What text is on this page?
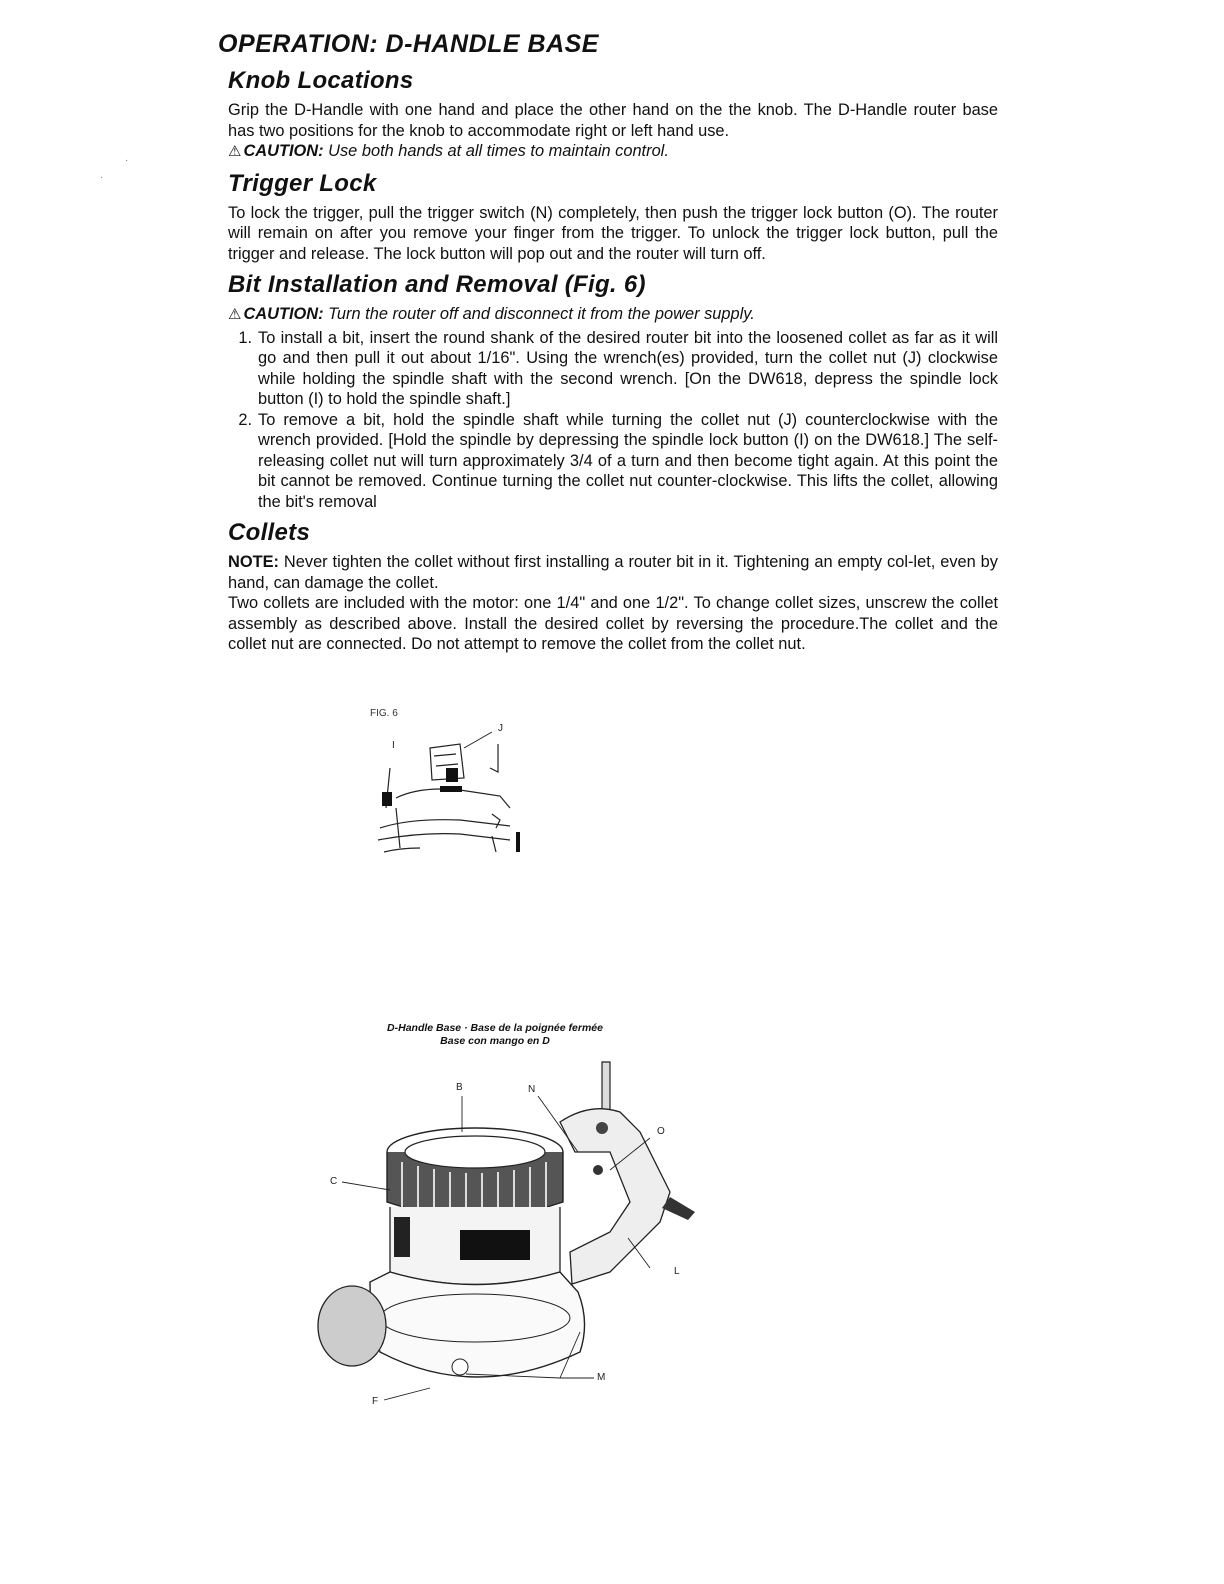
OPERATION: D-HANDLE BASE
Knob Locations

Grip the D-Handle with one hand and place the other hand on the the knob. The D-Handle router base has two positions for the knob to accommodate right or left hand use.

⚠ CAUTION: Use both hands at all times to maintain control.

Trigger Lock

To lock the trigger, pull the trigger switch (N) completely, then push the trigger lock button (O). The router will remain on after you remove your finger from the trigger. To unlock the trigger lock button, pull the trigger and release. The lock button will pop out and the router will turn off.

Bit Installation and Removal (Fig. 6)

⚠ CAUTION: Turn the router off and disconnect it from the power supply.

1. To install a bit, insert the round shank of the desired router bit into the loosened collet as far as it will go and then pull it out about 1/16". Using the wrench(es) provided, turn the collet nut (J) clockwise while holding the spindle shaft with the second wrench. [On the DW618, depress the spindle lock button (I) to hold the spindle shaft.]
2. To remove a bit, hold the spindle shaft while turning the collet nut (J) counterclockwise with the wrench provided. [Hold the spindle by depressing the spindle lock button (I) on the DW618.] The self-releasing collet nut will turn approximately 3/4 of a turn and then become tight again. At this point the bit cannot be removed. Continue turning the collet nut counter-clockwise. This lifts the collet, allowing the bit's removal
Collets

NOTE: Never tighten the collet without first installing a router bit in it. Tightening an empty col-let, even by hand, can damage the collet.

Two collets are included with the motor: one 1/4" and one 1/2". To change collet sizes, unscrew the collet assembly as described above. Install the desired collet by reversing the procedure.The collet and the collet nut are connected. Do not attempt to remove the collet from the collet nut.

·
·
FIG. 6
J
I
D-Handle Base · Base de la poignée fermée
Base con mango en D
B	N
O
C
L
M
F
